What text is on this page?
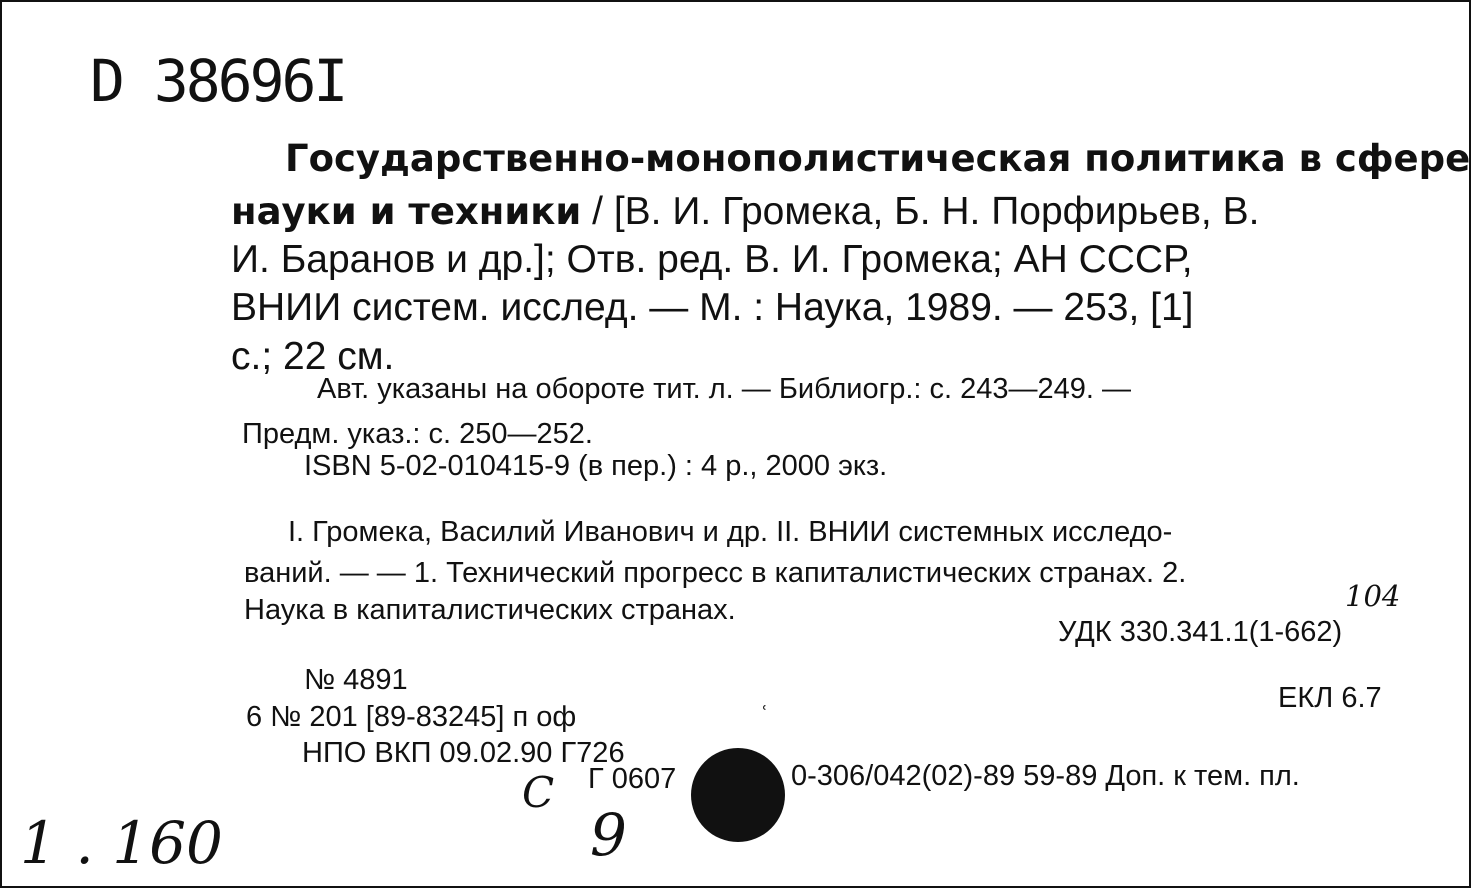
D 38696I
Государственно-монополистическая политика в сфере
науки и техники / [В. И. Громека, Б. Н. Порфирьев, В.
И. Баранов и др.]; Отв. ред. В. И. Громека; АН СССР,
ВНИИ систем. исслед. — М. : Наука, 1989. — 253, [1]
с.; 22 см.
Авт. указаны на обороте тит. л. — Библиогр.: с. 243—249. —
Предм. указ.: с. 250—252.
ISBN 5-02-010415-9 (в пер.) : 4 р., 2000 экз.
I. Громека, Василий Иванович и др. II. ВНИИ системных исследо-
ваний. — — 1. Технический прогресс в капиталистических странах. 2.
Наука в капиталистических странах.	104
УДК 330.341.1(1-662)
№ 4891
6 № 201 [89-83245] п оф
ЕКЛ 6.7
ʿ
НПО ВКП 09.02.90 Г726
Г 0607	0-306/042(02)-89 59-89 Доп. к тем. пл.
C
9
1 . 160
